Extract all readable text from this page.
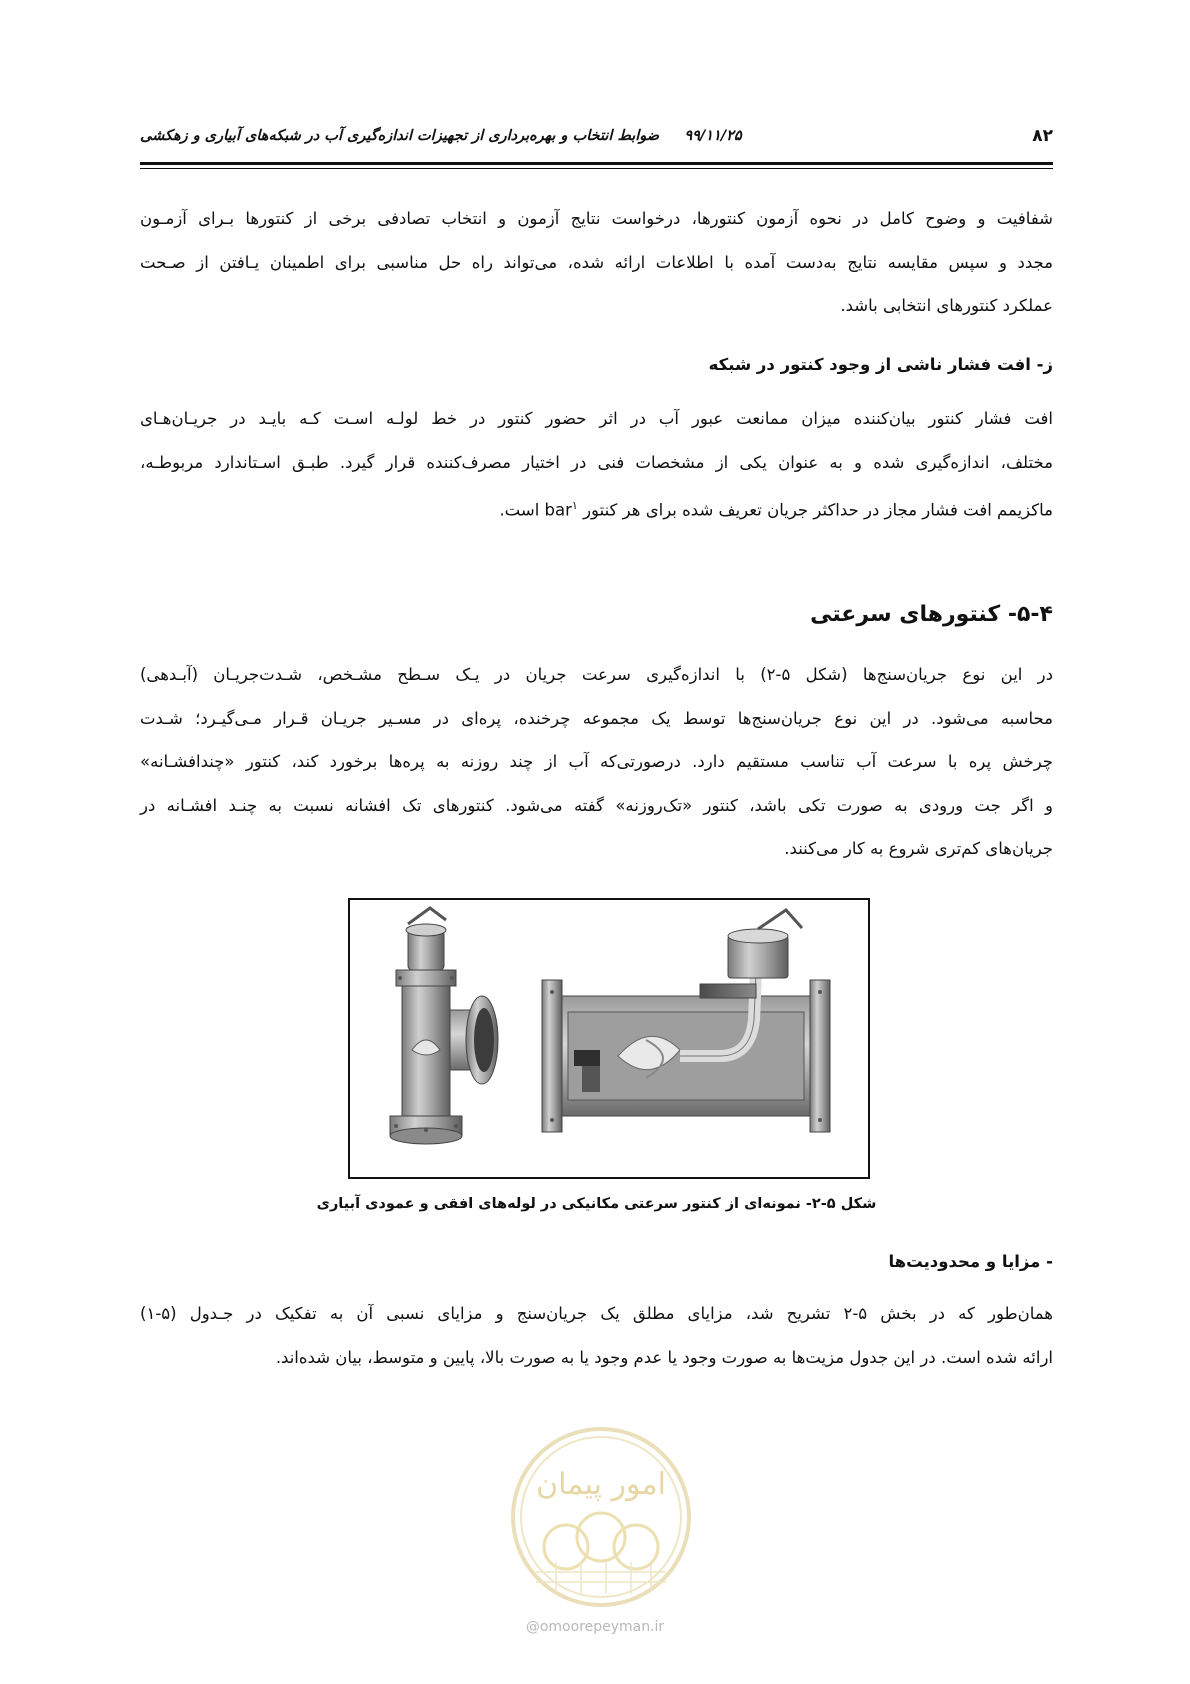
۸۲
۹۹/۱۱/۲۵     ضوابط انتخاب و بهره‌برداری از تجهیزات اندازه‌گیری آب در شبکه‌های آبیاری و زهکشی

شفافیت و وضوح کامل در نحوه آزمون کنتورها، درخواست نتایج آزمون و انتخاب تصادفی برخی از کنتورها بـرای آزمـون
مجدد و سپس مقایسه نتایج به‌دست آمده با اطلاعات ارائه شده، می‌تواند راه حل مناسبی برای اطمینان یـافتن از صـحت
عملکرد کنتورهای انتخابی باشد.

ز- افت فشار ناشی از وجود کنتور در شبکه

افت فشار کنتور بیان‌کننده میزان ممانعت عبور آب در اثر حضور کنتور در خط لولـه اسـت کـه بایـد در جریـان‌هـای
مختلف، اندازه‌گیری شده و به عنوان یکی از مشخصات فنی در اختیار مصرف‌کننده قرار گیرد. طبـق اسـتاندارد مربوطـه،
ماکزیمم افت فشار مجاز در حداکثر جریان تعریف شده برای هر کنتور bar$^۱$ است.

۵-۴- کنتورهای سرعتی

در این نوع جریان‌سنج‌ها (شکل ۵-۲) با اندازه‌گیری سرعت جریان در یـک سـطح مشـخص، شـدت‌جریـان (آبـدهی)
محاسبه می‌شود. در این نوع جریان‌سنج‌ها توسط یک مجموعه چرخنده، پره‌ای در مسـیر جریـان قـرار مـی‌گیـرد؛ شـدت
چرخش پره با سرعت آب تناسب مستقیم دارد. درصورتی‌که آب از چند روزنه به پره‌ها برخورد کند، کنتور «چندافشـانه»
و اگر جت ورودی به صورت تکی باشد، کنتور «تک‌روزنه» گفته می‌شود. کنتورهای تک افشانه نسبت به چنـد افشـانه در
جریان‌های کم‌تری شروع به کار می‌کنند.

شکل ۵-۲- نمونه‌ای از کنتور سرعتی مکانیکی در لوله‌های افقی و عمودی آبیاری

- مزایا و محدودیت‌ها

همان‌طور که در بخش ۵-۲ تشریح شد، مزایای مطلق یک جریان‌سنج و مزایای نسبی آن به تفکیک در جـدول (۵-۱)
ارائه شده است. در این جدول مزیت‌ها به صورت وجود یا عدم وجود یا به صورت بالا، پایین و متوسط، بیان شده‌اند.

امور پیمان
@omoorepeyman.ir
